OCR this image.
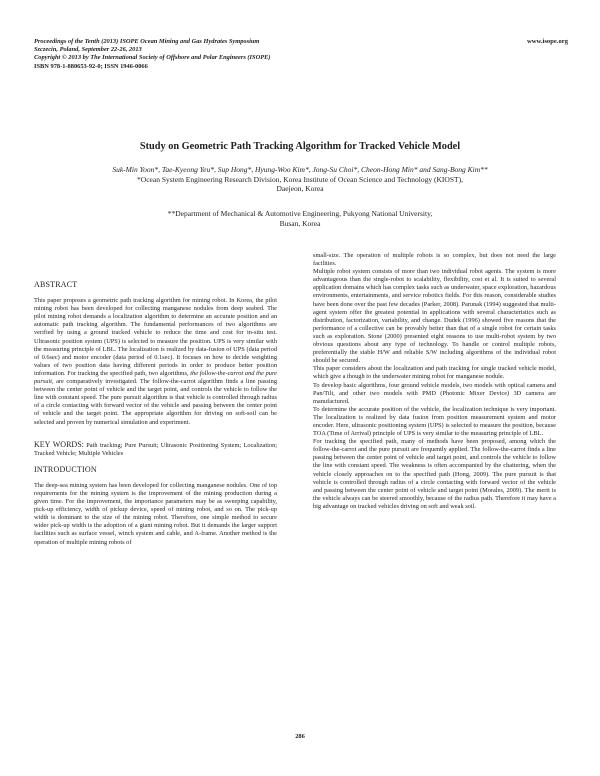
Proceedings of the Tenth (2013) ISOPE Ocean Mining and Gas Hydrates Symposium
Szczecin, Poland, September 22-26, 2013
Copyright © 2013 by The International Society of Offshore and Polar Engineers (ISOPE)
ISBN 978-1-880653-92-0; ISSN 1946-0066
www.isope.org
Study on Geometric Path Tracking Algorithm for Tracked Vehicle Model
Suk-Min Yoon*, Tae-Kyeong Yeu*, Sup Hong*, Hyung-Woo Kim*, Jong-Su Choi*, Cheon-Hong Min* and Sang-Bong Kim**
*Ocean System Engineering Research Division, Korea Institute of Ocean Science and Technology (KIOST),
Daejeon, Korea
**Department of Mechanical & Automotive Engineering, Pukyong National University,
Busan, Korea
ABSTRACT

This paper proposes a geometric path tracking algorithm for mining robot. In Korea, the pilot mining robot has been developed for collecting manganese nodules from deep seabed. The pilot mining robot demands a localization algorithm to determine an accurate position and an automatic path tracking algorithm. The fundamental performances of two algorithms are verified by using a ground tracked vehicle to reduce the time and cost for in-situ test. Ultrasonic position system (UPS) is selected to measure the position. UPS is very similar with the measuring principle of LBL. The localization is realized by data-fusion of UPS (data period of 0.6sec) and motor encoder (data period of 0.1sec). It focuses on how to decide weighting values of two position data having different periods in order to produce better position information. For tracking the specified path, two algorithms, the follow-the-carrot and the pure pursuit, are comparatively investigated. The follow-the-carrot algorithm finds a line passing between the center point of vehicle and the target point, and controls the vehicle to follow the line with constant speed. The pure pursuit algorithm is that vehicle is controlled through radius of a circle contacting with forward vector of the vehicle and passing between the center point of vehicle and the target point. The appropriate algorithm for driving on soft-soil can be selected and proven by numerical simulation and experiment.

KEY WORDS: Path tracking; Pure Pursuit; Ultrasonic Positioning System; Localization; Tracked Vehicle; Multiple Vehicles

INTRODUCTION

The deep-sea mining system has been developed for collecting manganese nodules. One of top requirements for the mining system is the improvement of the mining production during a given time. For the improvement, the importance parameters may be as sweeping capability, pick-up efficiency, width of pickup device, speed of mining robot, and so on. The pick-up width is dominant to the size of the mining robot. Therefore, one simple method to secure wider pick-up width is the adoption of a giant mining robot. But it demands the larger support facilities such as surface vessel, winch system and cable, and A-frame. Another method is the operation of multiple mining robots of

small-size. The operation of multiple robots is so complex, but does not need the large facilities.

Multiple robot system consists of more than two individual robot agents. The system is more advantageous than the single-robot to scalability, flexibility, cost et al. It is suited to several application domains which has complex tasks such as underwater, space exploration, hazardous environments, entertainments, and service robotics fields. For this reason, considerable studies have been done over the past few decades (Parker, 2008). Parunak (1994) suggested that multi-agent system offer the greatest potential in applications with several characteristics such as distribution, factorization, variability, and change. Dudek (1996) showed five reasons that the performance of a collective can be provably better than that of a single robot for certain tasks such as exploration. Stone (2000) presented eight reasons to use multi-robot system by two obvious questions about any type of technology. To handle or control multiple robots, preferentially the stable H/W and reliable S/W including algorithms of the individual robot should be secured.

This paper considers about the localization and path tracking for single tracked vehicle model, which give a though to the underwater mining robot for manganese nodule.

To develop basic algorithms, four ground vehicle models, two models with optical camera and Pan/Tilt, and other two models with PMD (Photonic Mixer Device) 3D camera are manufactured.

To determine the accurate position of the vehicle, the localization technique is very important. The localization is realized by data fusion from position measurement system and motor encoder. Here, ultrasonic positioning system (UPS) is selected to measure the position, because TOA (Time of Arrival) principle of UPS is very similar to the measuring principle of LBL.

For tracking the specified path, many of methods have been proposed, among which the follow-the-carrot and the pure pursuit are frequently applied. The follow-the-carrot finds a line passing between the center point of vehicle and target point, and controls the vehicle to follow the line with constant speed. The weakness is often accompanied by the chattering, when the vehicle closely approaches on to the specified path (Hong, 2009). The pure pursuit is that vehicle is controlled through radius of a circle contacting with forward vector of the vehicle and passing between the center point of vehicle and target point (Morales, 2009). The merit is the vehicle always can be steered smoothly, because of the radius path. Therefore it may have a big advantage on tracked vehicles driving on soft and weak soil.

286
